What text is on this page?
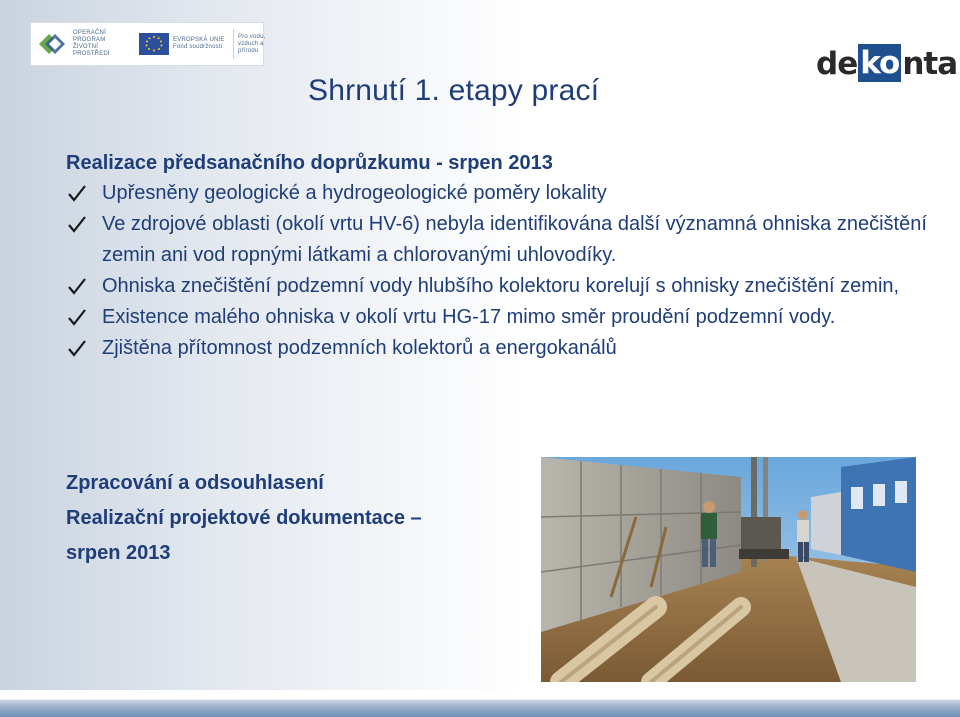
OPERAČNÍ PROGRAM
ŽIVOTNÍ PROSTŘEDÍ
EVROPSKÁ UNIE
Fond soudržnosti
Pro vodu,
vzduch a přírodu	de ko nta
Shrnutí 1. etapy prací
Realizace předsanačního doprůzkumu - srpen 2013
Upřesněny geologické a hydrogeologické poměry lokality
Ve zdrojové oblasti (okolí vrtu HV-6) nebyla identifikována další významná ohniska znečištění zemin ani vod ropnými látkami a chlorovanými uhlovodíky.
Ohniska znečištění podzemní vody hlubšího kolektoru korelují s ohnisky znečištění zemin,
Existence malého ohniska v okolí vrtu HG-17 mimo směr proudění podzemní vody.
Zjištěna přítomnost podzemních kolektorů a energokanálů
Zpracování a odsouhlasení
Realizační projektové dokumentace –
srpen 2013
